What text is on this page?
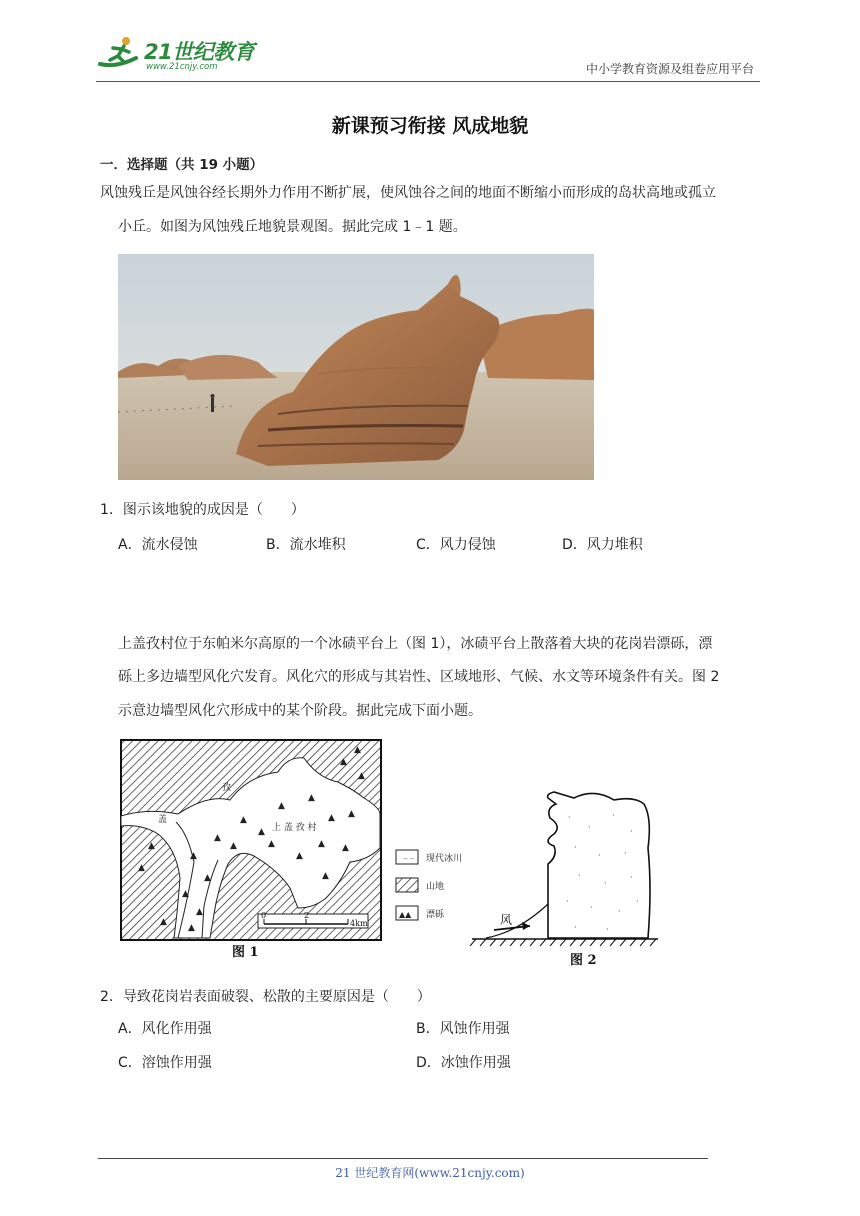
21世纪教育
www.21cnjy.com	中小学教育资源及组卷应用平台
新课预习衔接 风成地貌
一．选择题（共 19 小题）
风蚀残丘是风蚀谷经长期外力作用不断扩展，使风蚀谷之间的地面不断缩小而形成的岛状高地或孤立
小丘。如图为风蚀残丘地貌景观图。据此完成 1﹣1 题。
1．图示该地貌的成因是（　　）
A．流水侵蚀	B．流水堆积	C．风力侵蚀	D．风力堆积
上盖孜村位于东帕米尔高原的一个冰碛平台上（图 1），冰碛平台上散落着大块的花岗岩漂砾，漂
砾上多边墙型风化穴发育。风化穴的形成与其岩性、区域地形、气候、水文等环境条件有关。图 2
示意边墙型风化穴形成中的某个阶段。据此完成下面小题。
▲
▲
▲
▲
▲
▲
▲
▲
▲
▲ ▲
▲ ▲
▲
▲
▲
▲
▲
▲
▲
▲
▲
▲
▲
孜
上 盖 孜 村
盖
0	2
4km
图 1
~~ 现代冰川
山地
▲▲ 漂砾
·
·
·
·
·
·	·
·
·
·
·
·	·
·
·	·
风
图 2
2．导致花岗岩表面破裂、松散的主要原因是（　　）
A．风化作用强	B．风蚀作用强
C．溶蚀作用强	D．冰蚀作用强
21 世纪教育网(www.21cnjy.com)
